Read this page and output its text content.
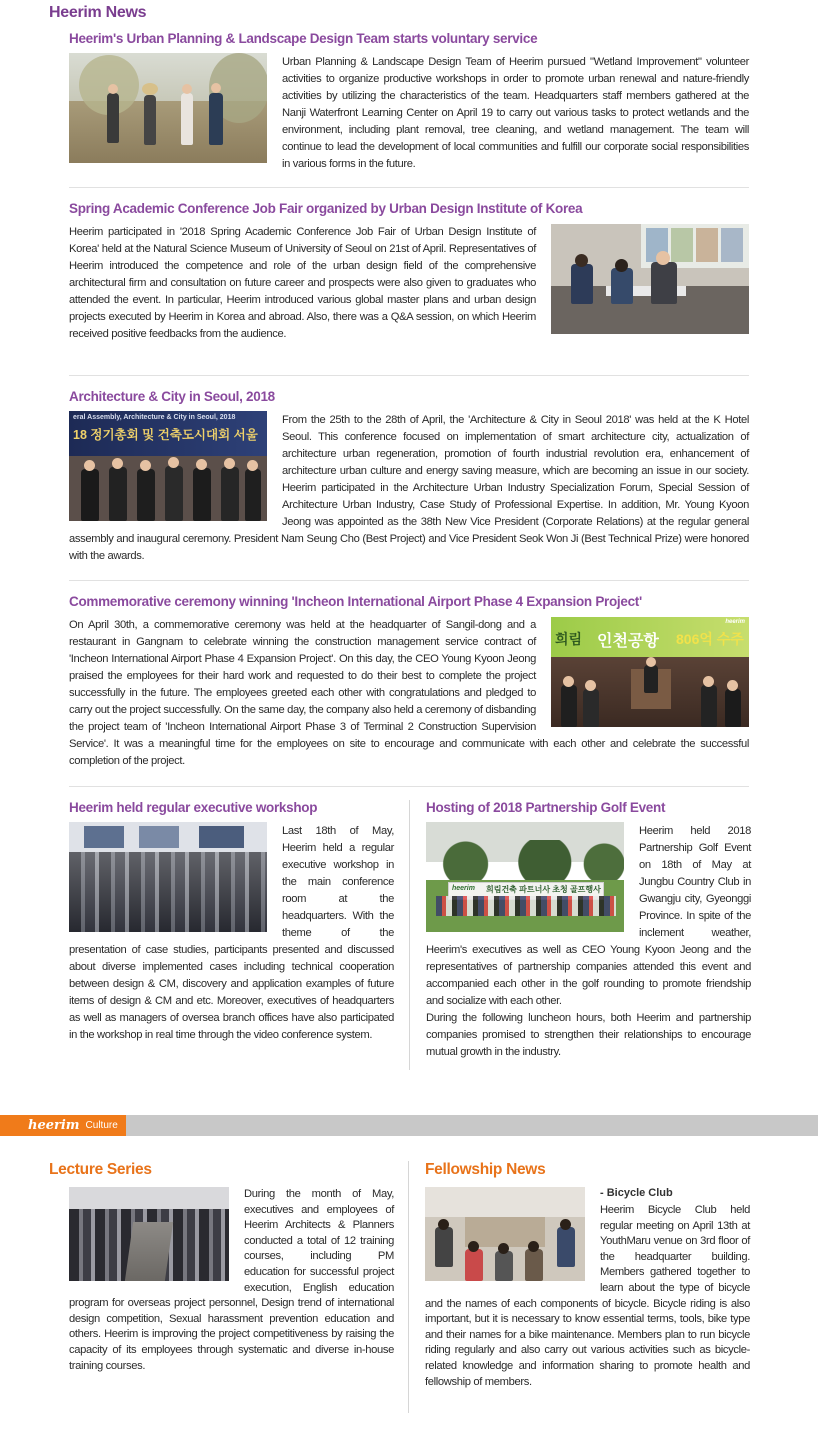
Heerim News
Heerim's Urban Planning & Landscape Design Team starts voluntary service

Urban Planning & Landscape Design Team of Heerim pursued "Wetland Improvement" volunteer activities to organize productive workshops in order to promote urban renewal and nature-friendly activities by utilizing the characteristics of the team. Headquarters staff members gathered at the Nanji Waterfront Learning Center on April 19 to carry out various tasks to protect wetlands and the environment, including plant removal, tree cleaning, and wetland management. The team will continue to lead the development of local communities and fulfill our corporate social responsibilities in various forms in the future.

Spring Academic Conference Job Fair organized by Urban Design Institute of Korea

Heerim participated in '2018 Spring Academic Conference Job Fair of Urban Design Institute of Korea' held at the Natural Science Museum of University of Seoul on 21st of April. Representatives of Heerim introduced the competence and role of the urban design field of the comprehensive architectural firm and consultation on future career and prospects were also given to graduates who attended the event. In particular, Heerim introduced various global master plans and urban design projects executed by Heerim in Korea and abroad. Also, there was a Q&A session, on which Heerim received positive feedbacks from the audience.

Architecture & City in Seoul, 2018
eral Assembly, Architecture & City in Seoul, 2018
18 정기총회 및 건축도시대회 서울

From the 25th to the 28th of April, the 'Architecture & City in Seoul 2018' was held at the K Hotel Seoul. This conference focused on implementation of smart architecture city, actualization of architecture urban regeneration, promotion of fourth industrial revolution era, enhancement of architecture urban culture and energy saving measure, which are becoming an issue in our society. Heerim participated in the Architecture Urban Industry Specialization Forum, Special Session of Architecture Urban Industry, Case Study of Professional Expertise. In addition, Mr. Young Kyoon Jeong was appointed as the 38th New Vice President (Corporate Relations) at the regular general assembly and inaugural ceremony. President Nam Seung Cho (Best Project) and Vice President Seok Won Ji (Best Technical Prize) were honored with the awards.

Commemorative ceremony winning 'Incheon International Airport Phase 4 Expansion Project'
heerim
희림 인천공항 806억 수주

On April 30th, a commemorative ceremony was held at the headquarter of Sangil-dong and a restaurant in Gangnam to celebrate winning the construction management service contract of 'Incheon International Airport Phase 4 Expansion Project'. On this day, the CEO Young Kyoon Jeong praised the employees for their hard work and requested to do their best to complete the project successfully in the future. The employees greeted each other with congratulations and pledged to carry out the project successfully. On the same day, the company also held a ceremony of disbanding the project team of 'Incheon International Airport Phase 3 of Terminal 2 Construction Supervision Service'. It was a meaningful time for the employees on site to encourage and communicate with each other and celebrate the successful completion of the project.

Heerim held regular executive workshop

Last 18th of May, Heerim held a regular executive workshop in the main conference room at the headquarters. With the theme of the presentation of case studies, participants presented and discussed about diverse implemented cases including technical cooperation between design & CM, discovery and application examples of future items of design & CM and etc. Moreover, executives of headquarters as well as managers of oversea branch offices have also participated in the workshop in real time through the video conference system.

Hosting of 2018 Partnership Golf Event
heerim 희림건축 파트너사 초청 골프행사

Heerim held 2018 Partnership Golf Event on 18th of May at Jungbu Country Club in Gwangju city, Gyeonggi Province. In spite of the inclement weather, Heerim's executives as well as CEO Young Kyoon Jeong and the representatives of partnership companies attended this event and accompanied each other in the golf rounding to promote friendship and socialize with each other.

During the following luncheon hours, both Heerim and partnership companies promised to strengthen their relationships to encourage mutual growth in the industry.

heerim Culture
Lecture Series

During the month of May, executives and employees of Heerim Architects & Planners conducted a total of 12 training courses, including PM education for successful project execution, English education program for overseas project personnel, Design trend of international design competition, Sexual harassment prevention education and others. Heerim is improving the project competitiveness by raising the capacity of its employees through systematic and diverse in-house training courses.

Fellowship News
- Bicycle Club

Heerim Bicycle Club held regular meeting on April 13th at YouthMaru venue on 3rd floor of the headquarter building. Members gathered together to learn about the type of bicycle and the names of each components of bicycle. Bicycle riding is also important, but it is necessary to know essential terms, tools, bike type and their names for a bike maintenance. Members plan to run bicycle riding regularly and also carry out various activities such as bicycle-related knowledge and information sharing to promote health and fellowship of members.
